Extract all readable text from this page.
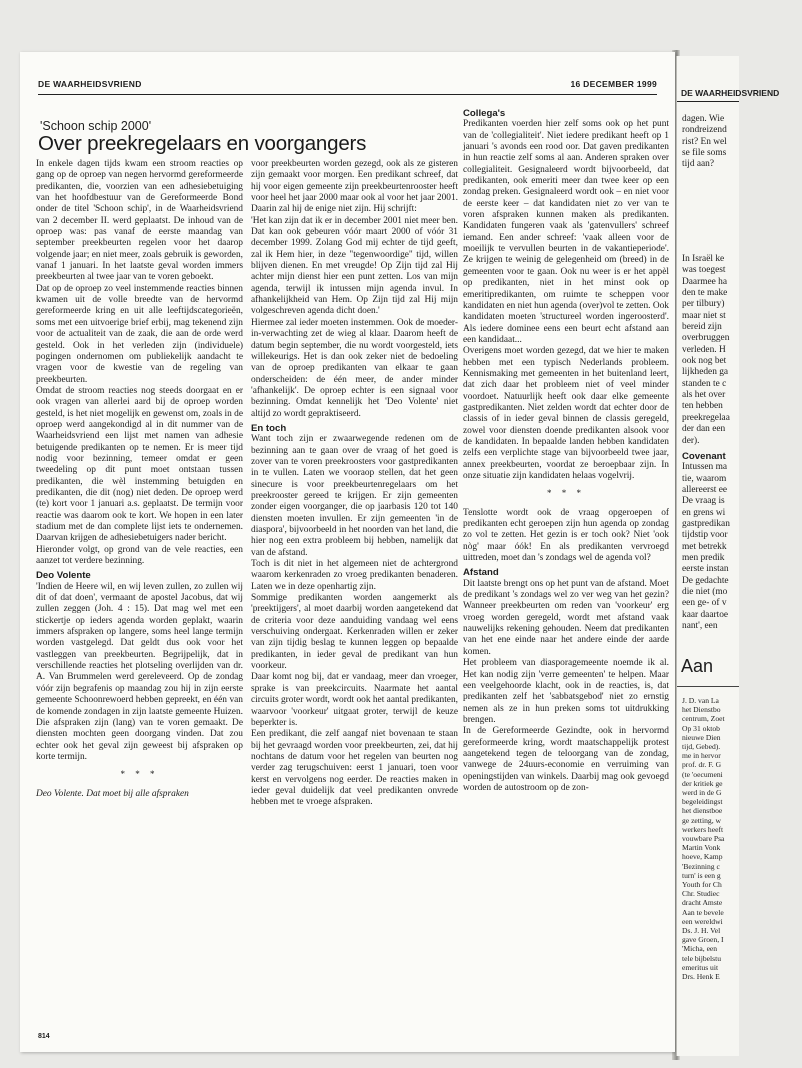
DE WAARHEIDSVRIEND	16 DECEMBER 1999
'Schoon schip 2000'
Over preekregelaars en voorgangers

In enkele dagen tijds kwam een stroom reacties op gang op de oproep van negen hervormd gereformeerde predikanten, die, voorzien van een adhesiebetuiging van het hoofdbestuur van de Gereformeerde Bond onder de titel 'Schoon schip', in de Waarheidsvriend van 2 december II. werd geplaatst. De inhoud van de oproep was: pas vanaf de eerste maandag van september preekbeurten regelen voor het daarop volgende jaar; en niet meer, zoals gebruik is geworden, vanaf 1 januari. In het laatste geval worden immers preekbeurten al twee jaar van te voren geboekt.

Dat op de oproep zo veel instemmende reacties binnen kwamen uit de volle breedte van de hervormd gereformeerde kring en uit alle leeftijdscategorieën, soms met een uitvoerige brief erbij, mag tekenend zijn voor de actualiteit van de zaak, die aan de orde werd gesteld. Ook in het verleden zijn (individuele) pogingen ondernomen om publiekelijk aandacht te vragen voor de kwestie van de regeling van preekbeurten.

Omdat de stroom reacties nog steeds doorgaat en er ook vragen van allerlei aard bij de oproep worden gesteld, is het niet mogelijk en gewenst om, zoals in de oproep werd aangekondigd al in dit nummer van de Waarheidsvriend een lijst met namen van adhesie betuigende predikanten op te nemen. Er is meer tijd nodig voor bezinning, temeer omdat er geen tweedeling op dit punt moet ontstaan tussen predikanten, die wèl instemming betuigden en predikanten, die dit (nog) niet deden. De oproep werd (te) kort voor 1 januari a.s. geplaatst. De termijn voor reactie was daarom ook te kort. We hopen in een later stadium met de dan complete lijst iets te ondernemen. Daarvan krijgen de adhesiebetuigers nader bericht.

Hieronder volgt, op grond van de vele reacties, een aanzet tot verdere bezinning.

Deo Volente

'Indien de Heere wil, en wij leven zullen, zo zullen wij dit of dat doen', vermaant de apostel Jacobus, dat wij zullen zeggen (Joh. 4 : 15). Dat mag wel met een stickertje op ieders agenda worden geplakt, waarin immers afspraken op langere, soms heel lange termijn worden vastgelegd. Dat geldt dus ook voor het vastleggen van preekbeurten. Begrijpelijk, dat in verschillende reacties het plotseling overlijden van dr. A. Van Brummelen werd gereleveerd. Op de zondag vóór zijn begrafenis op maandag zou hij in zijn eerste gemeente Schoonrewoerd hebben gepreekt, en één van de komende zondagen in zijn laatste gemeente Huizen. Die afspraken zijn (lang) van te voren gemaakt. De diensten mochten geen doorgang vinden. Dat zou echter ook het geval zijn geweest bij afspraken op korte termijn.

* * *

Deo Volente. Dat moet bij alle afspraken

voor preekbeurten worden gezegd, ook als ze gisteren zijn gemaakt voor morgen. Een predikant schreef, dat hij voor eigen gemeente zijn preekbeurtenrooster heeft voor heel het jaar 2000 maar ook al voor het jaar 2001. Daarin zal hij de enige niet zijn. Hij schrijft:

'Het kan zijn dat ik er in december 2001 niet meer ben. Dat kan ook gebeuren vóór maart 2000 of vóór 31 december 1999. Zolang God mij echter de tijd geeft, zal ik Hem hier, in deze "tegenwoordige" tijd, willen blijven dienen. En met vreugde! Op Zijn tijd zal Hij achter mijn dienst hier een punt zetten. Los van mijn agenda, terwijl ik intussen mijn agenda invul. In afhankelijkheid van Hem. Op Zijn tijd zal Hij mijn volgeschreven agenda dicht doen.'

Hiermee zal ieder moeten instemmen. Ook de moeder-in-verwachting zet de wieg al klaar. Daarom heeft de datum begin september, die nu wordt voorgesteld, iets willekeurigs. Het is dan ook zeker niet de bedoeling van de oproep predikanten van elkaar te gaan onderscheiden: de één meer, de ander minder 'afhankelijk'. De oproep echter is een signaal voor bezinning. Omdat kennelijk het 'Deo Volente' niet altijd zo wordt gepraktiseerd.

En toch

Want toch zijn er zwaarwegende redenen om de bezinning aan te gaan over de vraag of het goed is zover van te voren preekroosters voor gastpredikanten in te vullen. Laten we vooraop stellen, dat het geen sinecure is voor preekbeurtenregelaars om het preekrooster gereed te krijgen. Er zijn gemeenten zonder eigen voorganger, die op jaarbasis 120 tot 140 diensten moeten invullen. Er zijn gemeenten 'in de diaspora', bijvoorbeeld in het noorden van het land, die hier nog een extra probleem bij hebben, namelijk dat van de afstand.

Toch is dit niet in het algemeen niet de achtergrond waarom kerkenraden zo vroeg predikanten benaderen. Laten we in deze openhartig zijn.

Sommige predikanten worden aangemerkt als 'preektijgers', al moet daarbij worden aangetekend dat de criteria voor deze aanduiding vandaag wel eens verschuiving ondergaat. Kerkenraden willen er zeker van zijn tijdig beslag te kunnen leggen op bepaalde predikanten, in ieder geval de predikant van hun voorkeur.

Daar komt nog bij, dat er vandaag, meer dan vroeger, sprake is van preekcircuits. Naarmate het aantal circuits groter wordt, wordt ook het aantal predikanten, waarvoor 'voorkeur' uitgaat groter, terwijl de keuze beperkter is.

Een predikant, die zelf aangaf niet bovenaan te staan bij het gevraagd worden voor preekbeurten, zei, dat hij nochtans de datum voor het regelen van beurten nog verder zag terugschuiven: eerst 1 januari, toen voor kerst en vervolgens nog eerder. De reacties maken in ieder geval duidelijk dat veel predikanten onvrede hebben met te vroege afspraken.

Collega's

Predikanten voerden hier zelf soms ook op het punt van de 'collegialiteit'. Niet iedere predikant heeft op 1 januari 's avonds een rood oor. Dat gaven predikanten in hun reactie zelf soms al aan. Anderen spraken over collegialiteit. Gesignaleerd wordt bijvoorbeeld, dat predikanten, ook emeriti meer dan twee keer op een zondag preken. Gesignaleerd wordt ook – en niet voor de eerste keer – dat kandidaten niet zo ver van te voren afspraken kunnen maken als predikanten. Kandidaten fungeren vaak als 'gatenvullers' schreef iemand. Een ander schreef: 'vaak alleen voor de moeilijk te vervullen beurten in de vakantieperiode'. Ze krijgen te weinig de gelegenheid om (breed) in de gemeenten voor te gaan. Ook nu weer is er het appèl op predikanten, niet in het minst ook op emeritipredikanten, om ruimte te scheppen voor kandidaten en niet hun agenda (over)vol te zetten. Ook kandidaten moeten 'structureel worden ingeroosterd'. Als iedere dominee eens een beurt echt afstand aan een kandidaat...

Overigens moet worden gezegd, dat we hier te maken hebben met een typisch Nederlands probleem. Kennismaking met gemeenten in het buitenland leert, dat zich daar het probleem niet of veel minder voordoet. Natuurlijk heeft ook daar elke gemeente gastpredikanten. Niet zelden wordt dat echter door de classis of in ieder geval binnen de classis geregeld, zowel voor diensten doende predikanten alsook voor de kandidaten. In bepaalde landen hebben kandidaten zelfs een verplichte stage van bijvoorbeeld twee jaar, annex preekbeurten, voordat ze beroepbaar zijn. In onze situatie zijn kandidaten helaas vogelvrij.

* * *

Tenslotte wordt ook de vraag opgeroepen of predikanten echt geroepen zijn hun agenda op zondag zo vol te zetten. Het gezin is er toch ook? Niet 'ook nòg' maar óók! En als predikanten vervroegd uittreden, moet dan 's zondags wel de agenda vol?

Afstand

Dit laatste brengt ons op het punt van de afstand. Moet de predikant 's zondags wel zo ver weg van het gezin? Wanneer preekbeurten om reden van 'voorkeur' erg vroeg worden geregeld, wordt met afstand vaak nauwelijks rekening gehouden. Neem dat predikanten van het ene einde naar het andere einde der aarde komen.

Het probleem van diasporagemeente noemde ik al. Het kan nodig zijn 'verre gemeenten' te helpen. Maar een veelgehoorde klacht, ook in de reacties, is, dat predikanten zelf het 'sabbatsgebod' niet zo ernstig nemen als ze in hun preken soms tot uitdrukking brengen.

In de Gereformeerde Gezindte, ook in hervormd gereformeerde kring, wordt maatschappelijk protest aangetekend tegen de teloorgang van de zondag, vanwege de 24uurs-economie en verruiming van openingstijden van winkels. Daarbij mag ook gevoegd worden de autostroom op de zon-

814
DE WAARHEIDSVRIEND

dagen. Wie

rondreizend

rist? En wel

se file soms

tijd aan?

In Israël ke

was toegest

Daarmee ha

den te make

per tilbury)

maar niet st

bereid zijn

overbruggen

verleden. H

ook nog bet

lijkheden ga

standen te c

als het over

ten hebben

preekregelaa

der dan een

der).

Covenant

Intussen ma

tie, waarom

allereerst ee

De vraag is

en grens wi

gastpredikan

tijdstip voor

met betrekk

men predik

eerste instan

De gedachte

die niet (mo

een ge- of v

kaar daartoe

nant', een

Aan

J. D. van La

het Dienstbo

centrum, Zoet

Op 31 oktob

nieuwe Dien

tijd, Gebed).

me in hervor

prof. dr. F. G

(te 'oecumeni

der kritiek ge

werd in de G

begeleidingst

het dienstboe

ge zetting, w

werkers heeft

vouwbare Psa

Martin Vonk

hoeve, Kamp

'Bezinning c

turn' is een g

Youth for Ch

Chr. Studiec

dracht Amste

Aan te bevele

een wereldwi

Ds. J. H. Vel

gave Groen, I

'Micha, een

tele bijbelstu

emeritus uit

Drs. Henk E
